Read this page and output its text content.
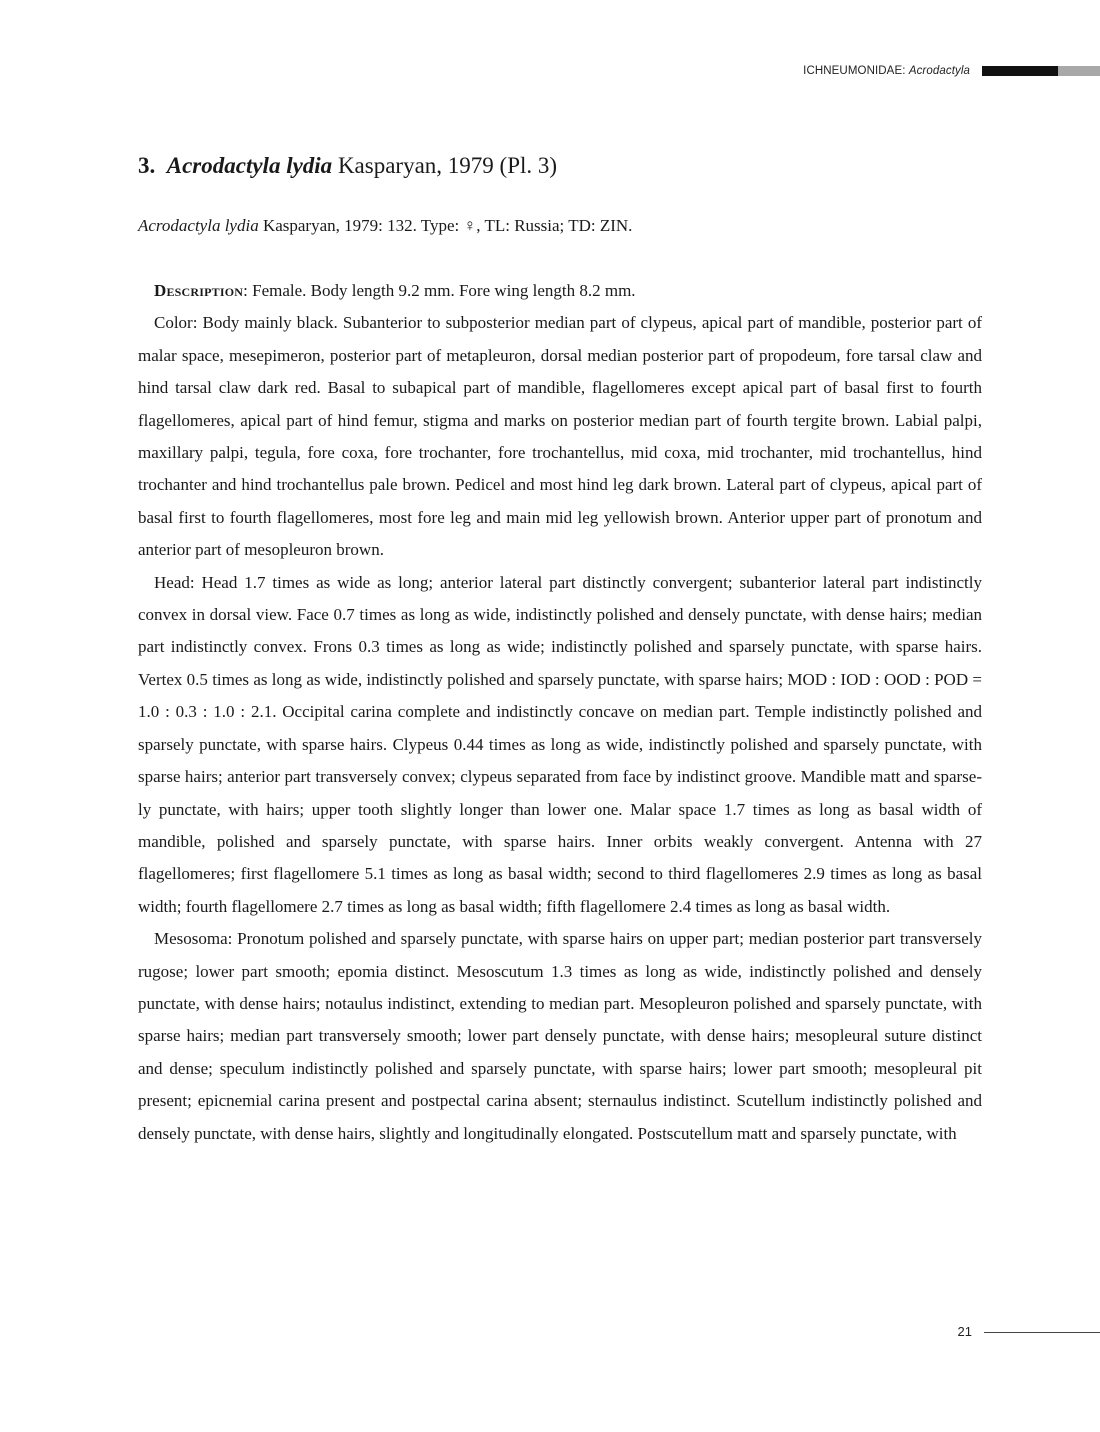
ICHNEUMONIDAE: Acrodactyla
3. Acrodactyla lydia Kasparyan, 1979 (Pl. 3)

Acrodactyla lydia Kasparyan, 1979: 132. Type: ♀, TL: Russia; TD: ZIN.

Description: Female. Body length 9.2 mm. Fore wing length 8.2 mm.

Color: Body mainly black. Subanterior to subposterior median part of clypeus, apical part of mandible, posterior part of malar space, mesepimeron, posterior part of metapleuron, dorsal median posterior part of propodeum, fore tarsal claw and hind tarsal claw dark red. Basal to subapical part of mandible, flagellomeres except apical part of basal first to fourth flagellomeres, apical part of hind femur, stigma and marks on posterior median part of fourth tergite brown. Labial palpi, maxillary palpi, tegula, fore coxa, fore trochanter, fore trochantellus, mid coxa, mid trochanter, mid trochantellus, hind trochanter and hind trochantellus pale brown. Pedicel and most hind leg dark brown. Lateral part of clypeus, apical part of basal first to fourth flagellomeres, most fore leg and main mid leg yellowish brown. Anterior upper part of pronotum and anterior part of mesopleuron brown.

Head: Head 1.7 times as wide as long; anterior lateral part distinctly convergent; subanterior lateral part indistinctly convex in dorsal view. Face 0.7 times as long as wide, indistinctly polished and densely punctate, with dense hairs; median part indistinctly convex. Frons 0.3 times as long as wide; indistinctly polished and sparsely punctate, with sparse hairs. Vertex 0.5 times as long as wide, indistinctly polished and sparsely punctate, with sparse hairs; MOD : IOD : OOD : POD = 1.0 : 0.3 : 1.0 : 2.1. Occipital carina complete and indistinctly concave on median part. Temple indistinctly polished and sparsely punctate, with sparse hairs. Clypeus 0.44 times as long as wide, indistinctly polished and sparsely punctate, with sparse hairs; anterior part transversely convex; clypeus separated from face by indistinct groove. Mandible matt and sparsely punctate, with hairs; upper tooth slightly longer than lower one. Malar space 1.7 times as long as basal width of mandible, polished and sparsely punctate, with sparse hairs. Inner orbits weakly convergent. Antenna with 27 flagellomeres; first flagellomere 5.1 times as long as basal width; second to third flagellomeres 2.9 times as long as basal width; fourth flagellomere 2.7 times as long as basal width; fifth flagellomere 2.4 times as long as basal width.

Mesosoma: Pronotum polished and sparsely punctate, with sparse hairs on upper part; median posterior part transversely rugose; lower part smooth; epomia distinct. Mesoscutum 1.3 times as long as wide, indistinctly polished and densely punctate, with dense hairs; notaulus indistinct, extending to median part. Mesopleuron polished and sparsely punctate, with sparse hairs; median part transversely smooth; lower part densely punctate, with dense hairs; mesopleural suture distinct and dense; speculum indistinctly polished and sparsely punctate, with sparse hairs; lower part smooth; mesopleural pit present; epicnemial carina present and postpectal carina absent; sternaulus indistinct. Scutellum indistinctly polished and densely punctate, with dense hairs, slightly and longitudinally elongated. Postscutellum matt and sparsely punctate, with

21
